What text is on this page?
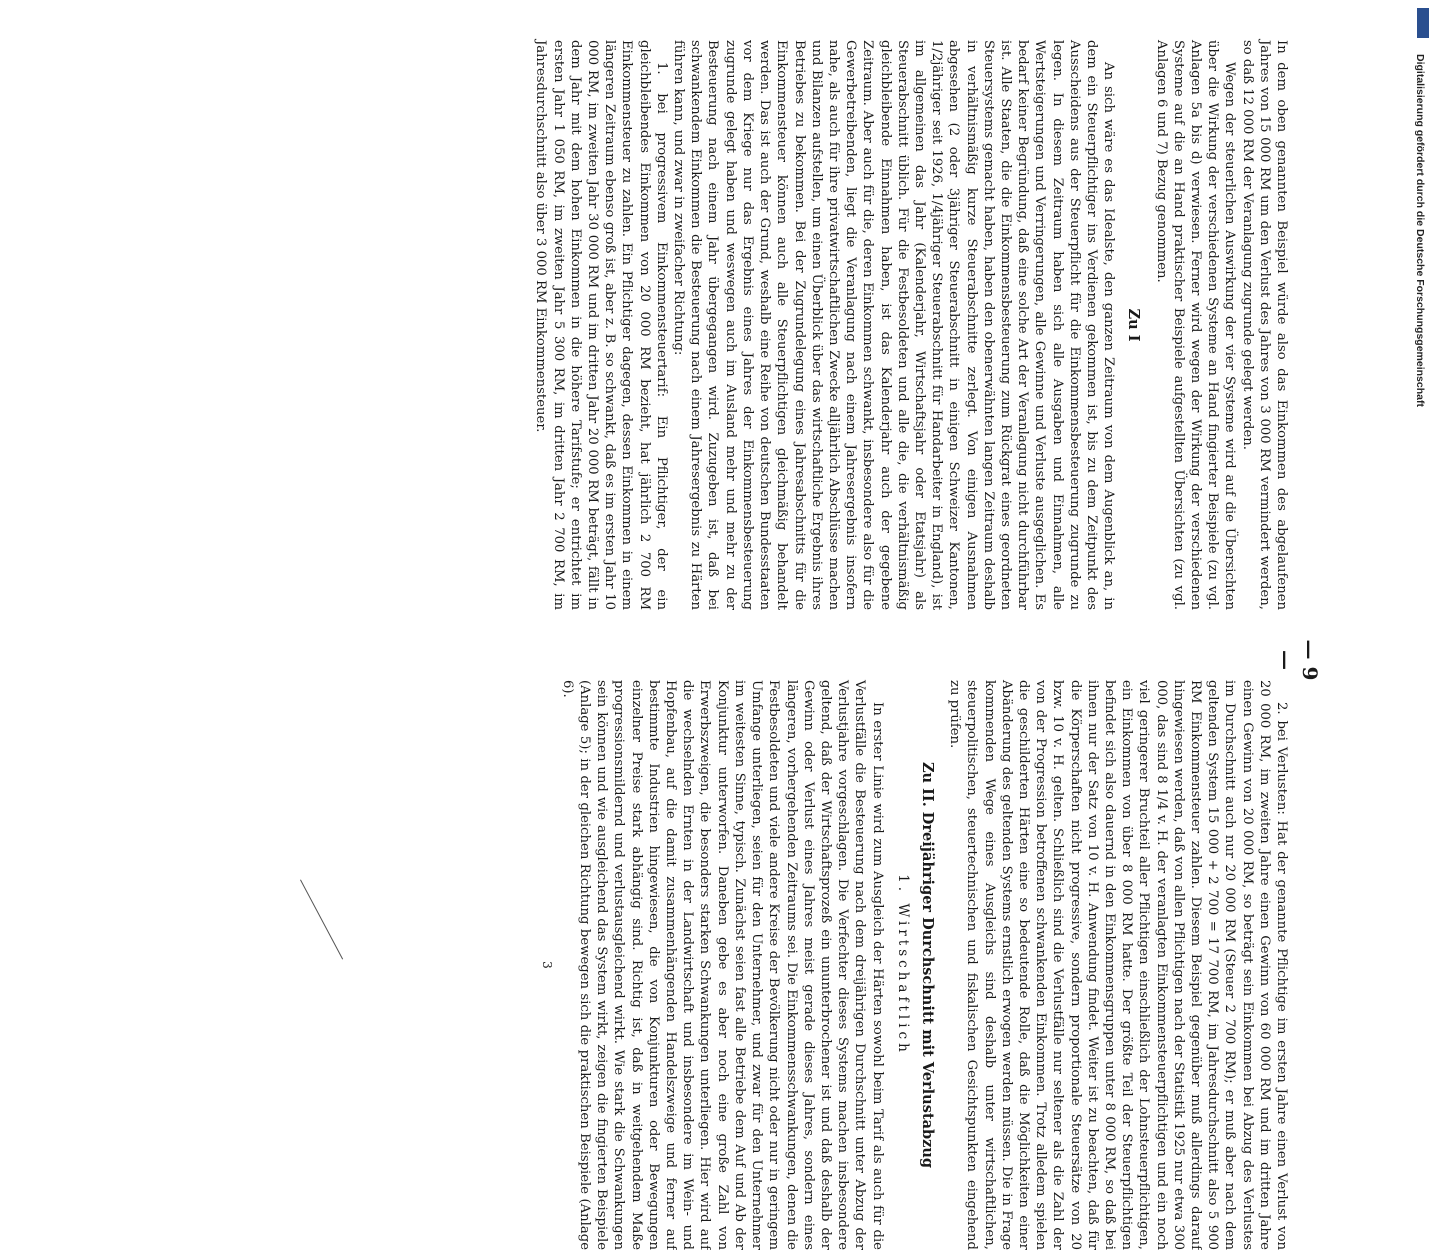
— 9 —

In dem oben genannten Beispiel würde also das Einkommen des abgelaufenen Jahres von 15 000 RM um den Verlust des Jahres von 3 000 RM vermindert werden, so daß 12 000 RM der Veranlagung zugrunde gelegt werden.

Wegen der steuerlichen Auswirkung der vier Systeme wird auf die Übersichten über die Wirkung der verschiedenen Systeme an Hand fingierter Beispiele (zu vgl. Anlagen 5a bis d) verwiesen. Ferner wird wegen der Wirkung der verschiedenen Systeme auf die an Hand praktischer Beispiele aufgestellten Übersichten (zu vgl. Anlagen 6 und 7) Bezug genommen.

Zu I

An sich wäre es das Idealste, den ganzen Zeitraum von dem Augenblick an, in dem ein Steuerpflichtiger ins Verdienen gekommen ist, bis zu dem Zeitpunkt des Ausscheidens aus der Steuerpflicht für die Einkommensbesteuerung zugrunde zu legen. In diesem Zeitraum haben sich alle Ausgaben und Einnahmen, alle Wertsteigerungen und Verringerungen, alle Gewinne und Verluste ausgeglichen. Es bedarf keiner Begründung, daß eine solche Art der Veranlagung nicht durchführbar ist. Alle Staaten, die die Einkommensbesteuerung zum Rückgrat eines geordneten Steuersystems gemacht haben, haben den obenerwähnten langen Zeitraum deshalb in verhältnismäßig kurze Steuerabschnitte zerlegt. Von einigen Ausnahmen abgesehen (2 oder 3jähriger Steuerabschnitt in einigen Schweizer Kantonen, 1/2jähriger seit 1926, 1/4jähriger Steuerabschnitt für Handarbeiter in England), ist im allgemeinen das Jahr (Kalenderjahr, Wirtschaftsjahr oder Etatsjahr) als Steuerabschnitt üblich. Für die Festbesoldeten und alle die, die verhältnismäßig gleichbleibende Einnahmen haben, ist das Kalenderjahr auch der gegebene Zeitraum. Aber auch für die, deren Einkommen schwankt, insbesondere also für die Gewerbetreibenden, liegt die Veranlagung nach einem Jahresergebnis insofern nahe, als auch für ihre privatwirtschaftlichen Zwecke alljährlich Abschlüsse machen und Bilanzen aufstellen, um einen Überblick über das wirtschaftliche Ergebnis ihres Betriebes zu bekommen. Bei der Zugrundelegung eines Jahresabschnitts für die Einkommensteuer können auch alle Steuerpflichtigen gleichmäßig behandelt werden. Das ist auch der Grund, weshalb eine Reihe von deutschen Bundesstaaten vor dem Kriege nur das Ergebnis eines Jahres der Einkommensbesteuerung zugrunde gelegt haben und weswegen auch im Ausland mehr und mehr zu der Besteuerung nach einem Jahr übergegangen wird. Zuzugeben ist, daß bei schwankendem Einkommen die Besteuerung nach einem Jahresergebnis zu Härten führen kann, und zwar in zweifacher Richtung:

1. bei progressivem Einkommensteuertarif: Ein Pflichtiger, der ein gleichbleibendes Einkommen von 20 000 RM bezieht, hat jährlich 2 700 RM Einkommensteuer zu zahlen. Ein Pflichtiger dagegen, dessen Einkommen in einem längeren Zeitraum ebenso groß ist, aber z. B. so schwankt, daß es im ersten Jahr 10 000 RM, im zweiten Jahr 30 000 RM und im dritten Jahr 20 000 RM beträgt, fällt in dem Jahr mit dem hohen Einkommen in die höhere Tarifstufe; er entrichtet im ersten Jahr 1 050 RM, im zweiten Jahr 5 300 RM, im dritten Jahr 2 700 RM, im Jahresdurchschnitt also über 3 000 RM Einkommensteuer.

2. bei Verlusten: Hat der genannte Pflichtige im ersten Jahre einen Verlust von 20 000 RM, im zweiten Jahre einen Gewinn von 60 000 RM und im dritten Jahre einen Gewinn von 20 000 RM, so beträgt sein Einkommen bei Abzug des Verlustes im Durchschnitt auch nur 20 000 RM (Steuer 2 700 RM); er muß aber nach dem geltenden System 15 000 + 2 700 = 17 700 RM, im Jahresdurchschnitt also 5 900 RM Einkommensteuer zahlen. Diesem Beispiel gegenüber muß allerdings darauf hingewiesen werden, daß von allen Pflichtigen nach der Statistik 1925 nur etwa 300 000, das sind 8 1/4 v. H. der veranlagten Einkommensteuerpflichtigen und ein noch viel geringerer Bruchteil aller Pflichtigen einschließlich der Lohnsteuerpflichtigen, ein Einkommen von über 8 000 RM hatte. Der größte Teil der Steuerpflichtigen befindet sich also dauernd in den Einkommensgruppen unter 8 000 RM, so daß bei ihnen nur der Satz von 10 v. H. Anwendung findet. Weiter ist zu beachten, daß für die Körperschaften nicht progressive, sondern proportionale Steuersätze von 20 bzw. 10 v. H. gelten. Schließlich sind die Verlustfälle nur seltener als die Zahl der von der Progression betroffenen schwankenden Einkommen. Trotz alledem spielen die geschilderten Härten eine so bedeutende Rolle, daß die Möglichkeiten einer Abänderung des geltenden Systems ernstlich erwogen werden müssen. Die in Frage kommenden Wege eines Ausgleichs sind deshalb unter wirtschaftlichen, steuerpolitischen, steuertechnischen und fiskalischen Gesichtspunkten eingehend zu prüfen.

Zu II. Dreijähriger Durchschnitt mit Verlustabzug
1. Wirtschaftlich

In erster Linie wird zum Ausgleich der Härten sowohl beim Tarif als auch für die Verlustfälle die Besteuerung nach dem dreijährigen Durchschnitt unter Abzug der Verlustjahre vorgeschlagen. Die Verfechter dieses Systems machen insbesondere geltend, daß der Wirtschaftsprozeß ein ununterbrochener ist und daß deshalb der Gewinn oder Verlust eines Jahres meist gerade dieses Jahres, sondern eines längeren, vorhergehenden Zeitraums sei. Die Einkommensschwankungen, denen die Festbesoldeten und viele andere Kreise der Bevölkerung nicht oder nur in geringem Umfange unterliegen, seien für den Unternehmer, und zwar für den Unternehmer im weitesten Sinne, typisch. Zunächst seien fast alle Betriebe dem Auf und Ab der Konjunktur unterworfen. Daneben gebe es aber noch eine große Zahl von Erwerbszweigen, die besonders starken Schwankungen unterliegen. Hier wird auf die wechselnden Ernten in der Landwirtschaft und insbesondere im Wein- und Hopfenbau, auf die damit zusammenhängenden Handelszweige und ferner auf bestimmte Industrien hingewiesen, die von Konjunkturen oder Bewegungen einzelner Preise stark abhängig sind. Richtig ist, daß in weitgehendem Maße progressionsmildernd und verlustausgleichend wirkt. Wie stark die Schwankungen sein können und wie ausgleichend das System wirkt, zeigen die fingierten Beispiele (Anlage 5); in der gleichen Richtung bewegen sich die praktischen Beispiele (Anlage 6).

3
Digitalisierung gefördert durch die Deutsche Forschungsgemeinschaft
